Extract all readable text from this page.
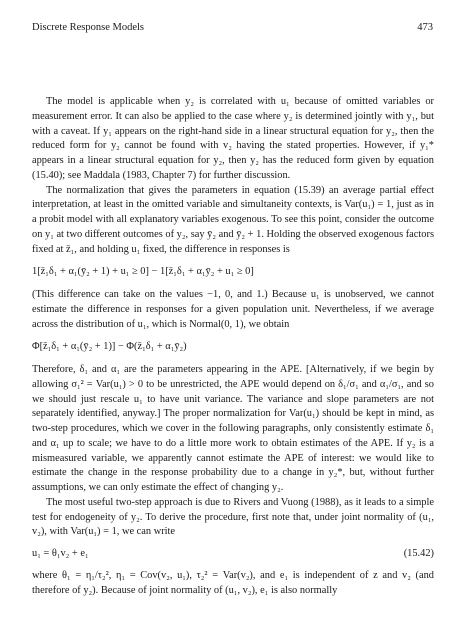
Discrete Response Models	473

The model is applicable when y₂ is correlated with u₁ because of omitted variables or measurement error. It can also be applied to the case where y₂ is determined jointly with y₁, but with a caveat. If y₁ appears on the right-hand side in a linear structural equation for y₂, then the reduced form for y₂ cannot be found with v₂ having the stated properties. However, if y₁* appears in a linear structural equation for y₂, then y₂ has the reduced form given by equation (15.40); see Maddala (1983, Chapter 7) for further discussion.

The normalization that gives the parameters in equation (15.39) an average partial effect interpretation, at least in the omitted variable and simultaneity contexts, is Var(u₁) = 1, just as in a probit model with all explanatory variables exogenous. To see this point, consider the outcome on y₁ at two different outcomes of y₂, say ȳ₂ and ȳ₂ + 1. Holding the observed exogenous factors fixed at z̄₁, and holding u₁ fixed, the difference in responses is

1[z̄₁δ₁ + α₁(ȳ₂ + 1) + u₁ ≥ 0] − 1[z̄₁δ₁ + α₁ȳ₂ + u₁ ≥ 0]

(This difference can take on the values −1, 0, and 1.) Because u₁ is unobserved, we cannot estimate the difference in responses for a given population unit. Nevertheless, if we average across the distribution of u₁, which is Normal(0, 1), we obtain

Φ[z̄₁δ₁ + α₁(ȳ₂ + 1)] − Φ(z̄₁δ₁ + α₁ȳ₂)

Therefore, δ₁ and α₁ are the parameters appearing in the APE. [Alternatively, if we begin by allowing σ₁² = Var(u₁) > 0 to be unrestricted, the APE would depend on δ₁/σ₁ and α₁/σ₁, and so we should just rescale u₁ to have unit variance. The variance and slope parameters are not separately identified, anyway.] The proper normalization for Var(u₁) should be kept in mind, as two-step procedures, which we cover in the following paragraphs, only consistently estimate δ₁ and α₁ up to scale; we have to do a little more work to obtain estimates of the APE. If y₂ is a mismeasured variable, we apparently cannot estimate the APE of interest: we would like to estimate the change in the response probability due to a change in y₂*, but, without further assumptions, we can only estimate the effect of changing y₂.

The most useful two-step approach is due to Rivers and Vuong (1988), as it leads to a simple test for endogeneity of y₂. To derive the procedure, first note that, under joint normality of (u₁, v₂), with Var(u₁) = 1, we can write

u₁ = θ₁v₂ + e₁	(15.42)

where θ₁ = η₁/τ₂², η₁ = Cov(v₂, u₁), τ₂² = Var(v₂), and e₁ is independent of z and v₂ (and therefore of y₂). Because of joint normality of (u₁, v₂), e₁ is also normally
